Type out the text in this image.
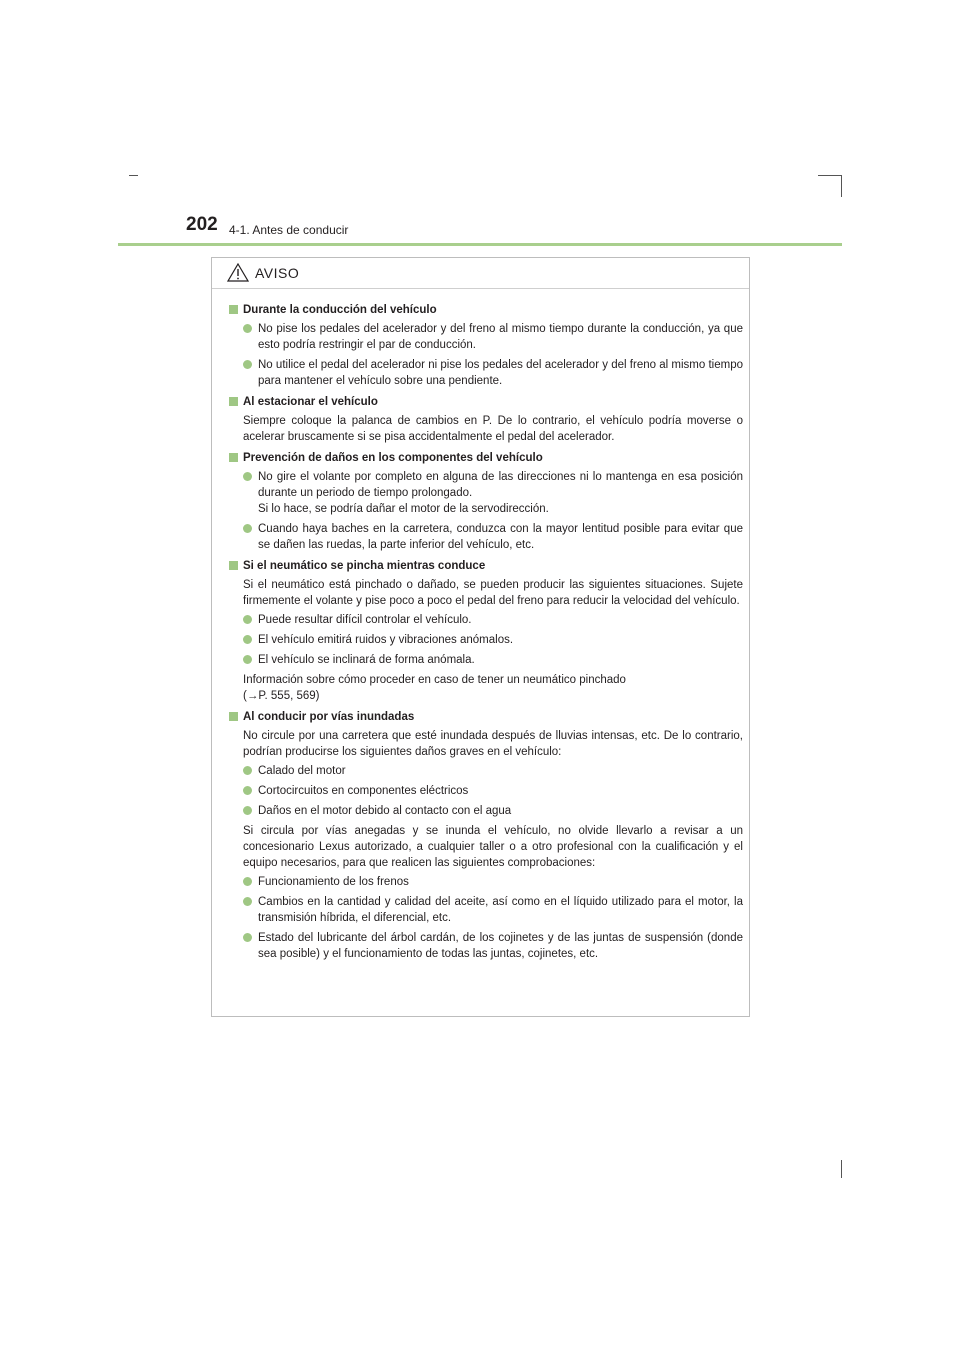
202 4-1. Antes de conducir
AVISO
Durante la conducción del vehículo
No pise los pedales del acelerador y del freno al mismo tiempo durante la conducción, ya que esto podría restringir el par de conducción.
No utilice el pedal del acelerador ni pise los pedales del acelerador y del freno al mismo tiempo para mantener el vehículo sobre una pendiente.
Al estacionar el vehículo
Siempre coloque la palanca de cambios en P. De lo contrario, el vehículo podría moverse o acelerar bruscamente si se pisa accidentalmente el pedal del acelerador.
Prevención de daños en los componentes del vehículo
No gire el volante por completo en alguna de las direcciones ni lo mantenga en esa posición durante un periodo de tiempo prolongado.
Si lo hace, se podría dañar el motor de la servodirección.
Cuando haya baches en la carretera, conduzca con la mayor lentitud posible para evitar que se dañen las ruedas, la parte inferior del vehículo, etc.
Si el neumático se pincha mientras conduce
Si el neumático está pinchado o dañado, se pueden producir las siguientes situaciones. Sujete firmemente el volante y pise poco a poco el pedal del freno para reducir la velocidad del vehículo.
Puede resultar difícil controlar el vehículo.
El vehículo emitirá ruidos y vibraciones anómalos.
El vehículo se inclinará de forma anómala.
Información sobre cómo proceder en caso de tener un neumático pinchado
(→P. 555, 569)
Al conducir por vías inundadas
No circule por una carretera que esté inundada después de lluvias intensas, etc. De lo contrario, podrían producirse los siguientes daños graves en el vehículo:
Calado del motor
Cortocircuitos en componentes eléctricos
Daños en el motor debido al contacto con el agua
Si circula por vías anegadas y se inunda el vehículo, no olvide llevarlo a revisar a un concesionario Lexus autorizado, a cualquier taller o a otro profesional con la cualificación y el equipo necesarios, para que realicen las siguientes comprobaciones:
Funcionamiento de los frenos
Cambios en la cantidad y calidad del aceite, así como en el líquido utilizado para el motor, la transmisión híbrida, el diferencial, etc.
Estado del lubricante del árbol cardán, de los cojinetes y de las juntas de suspensión (donde sea posible) y el funcionamiento de todas las juntas, cojinetes, etc.
